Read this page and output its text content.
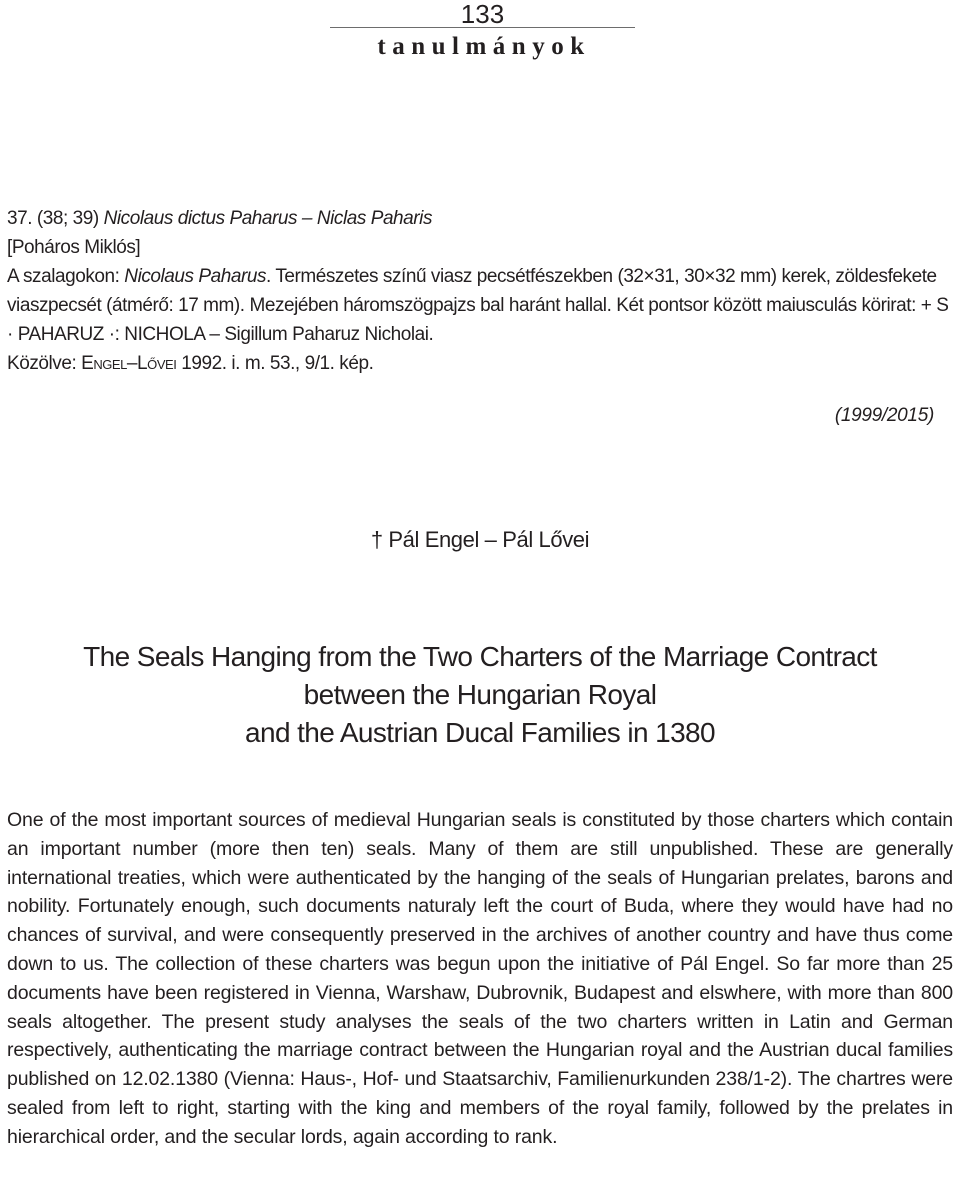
133
tanulmányok

37. (38; 39) Nicolaus dictus Paharus – Niclas Paharis

[Poháros Miklós]

A szalagokon: Nicolaus Paharus. Természetes színű viasz pecsétfészekben (32×31, 30×32 mm) kerek, zöldesfekete viaszpecsét (átmérő: 17 mm). Mezejében háromszögpajzs bal haránt hallal. Két pontsor között maiusculás körirat: + S · PAHARUZ ·: NICHOLA – Sigillum Paharuz Nicholai.

Közölve: Engel–Lővei 1992. i. m. 53., 9/1. kép.

(1999/2015)
† Pál Engel – Pál Lővei
The Seals Hanging from the Two Charters of the Marriage Contract
between the Hungarian Royal
and the Austrian Ducal Families in 1380

One of the most important sources of medieval Hungarian seals is constituted by those charters which contain an important number (more then ten) seals. Many of them are still unpublished. These are generally international treaties, which were authenticated by the hanging of the seals of Hungarian prelates, barons and nobility. Fortunately enough, such documents naturaly left the court of Buda, where they would have had no chances of survival, and were consequently preserved in the archives of another country and have thus come down to us. The collection of these charters was begun upon the initiative of Pál Engel. So far more than 25 documents have been registered in Vienna, Warshaw, Dubrovnik, Budapest and elswhere, with more than 800 seals altogether. The present study analyses the seals of the two charters written in Latin and German respectively, authenticating the marriage contract between the Hungarian royal and the Austrian ducal families published on 12.02.1380 (Vienna: Haus-, Hof- und Staatsarchiv, Familienurkunden 238/1-2). The chartres were sealed from left to right, starting with the king and members of the royal family, followed by the prelates in hierarchical order, and the secular lords, again according to rank.
